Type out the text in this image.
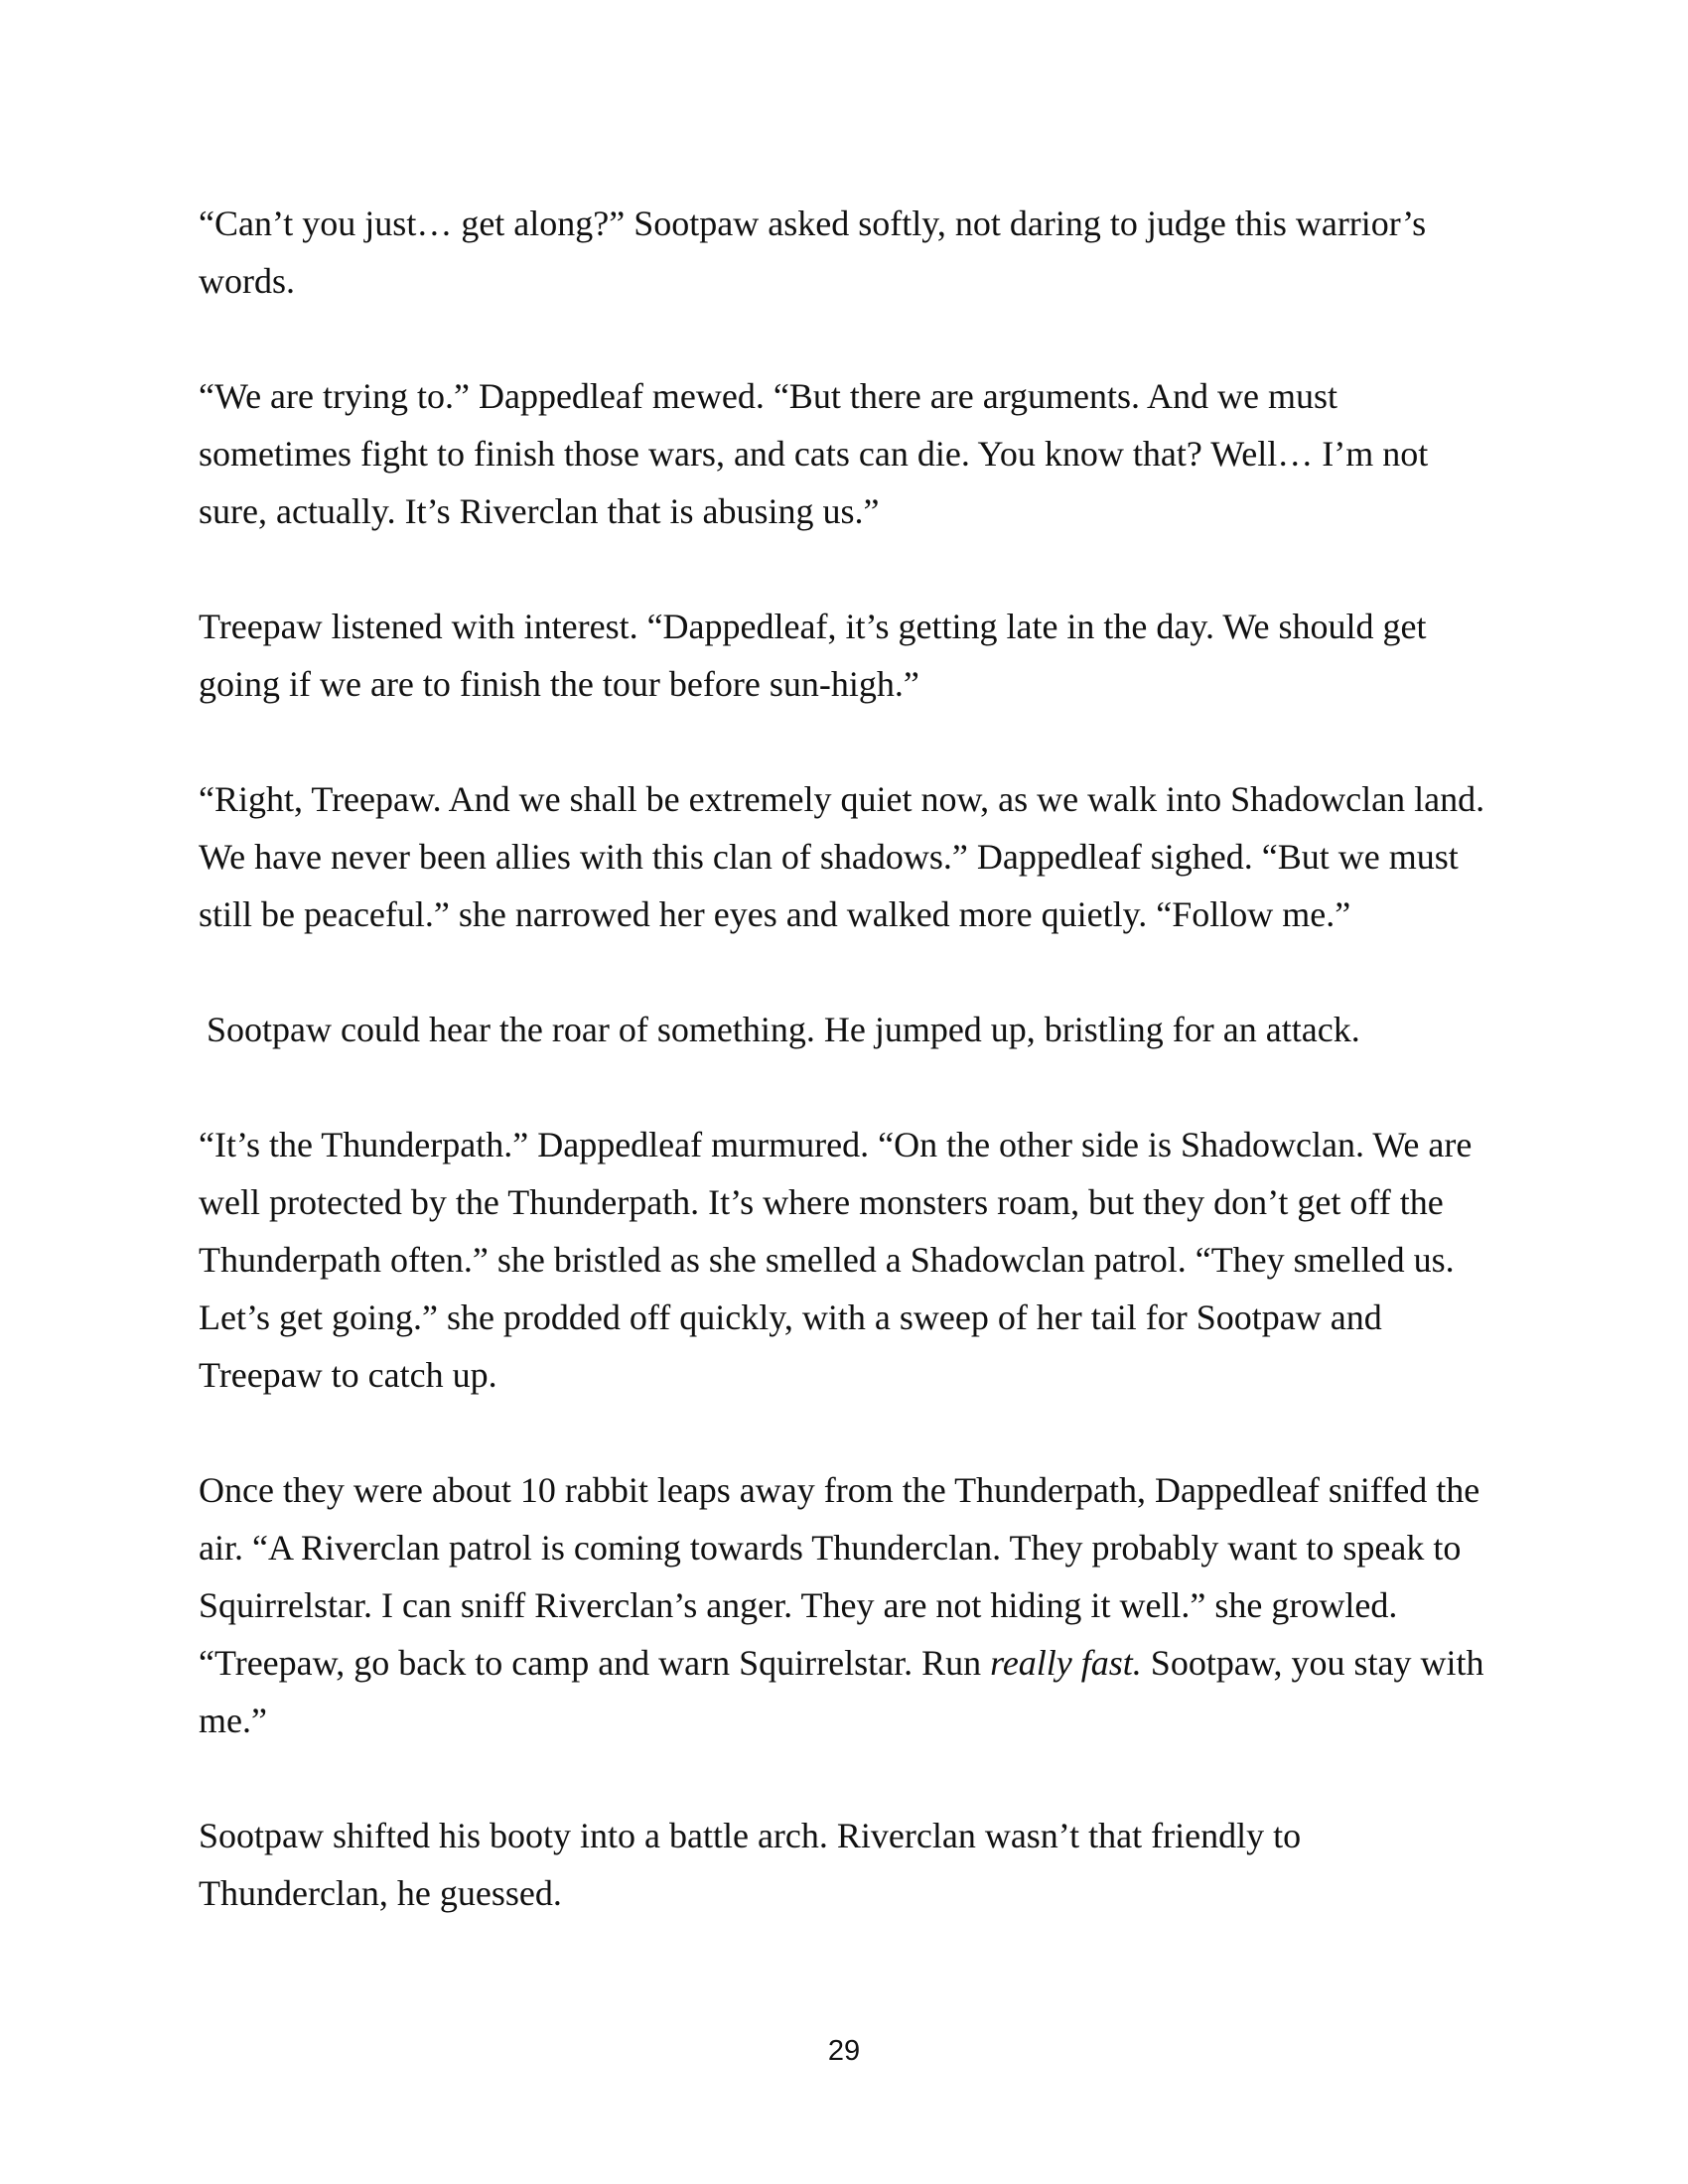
“Can’t you just… get along?” Sootpaw asked softly, not daring to judge this warrior’s words.

“We are trying to.” Dappedleaf mewed. “But there are arguments. And we must sometimes fight to finish those wars, and cats can die. You know that? Well… I’m not sure, actually. It’s Riverclan that is abusing us.”

Treepaw listened with interest. “Dappedleaf, it’s getting late in the day. We should get going if we are to finish the tour before sun-high.”

“Right, Treepaw. And we shall be extremely quiet now, as we walk into Shadowclan land. We have never been allies with this clan of shadows.” Dappedleaf sighed. “But we must still be peaceful.” she narrowed her eyes and walked more quietly. “Follow me.”

Sootpaw could hear the roar of something. He jumped up, bristling for an attack.

“It’s the Thunderpath.” Dappedleaf murmured. “On the other side is Shadowclan. We are well protected by the Thunderpath. It’s where monsters roam, but they don’t get off the Thunderpath often.” she bristled as she smelled a Shadowclan patrol. “They smelled us. Let’s get going.” she prodded off quickly, with a sweep of her tail for Sootpaw and Treepaw to catch up.

Once they were about 10 rabbit leaps away from the Thunderpath, Dappedleaf sniffed the air. “A Riverclan patrol is coming towards Thunderclan. They probably want to speak to Squirrelstar. I can sniff Riverclan’s anger. They are not hiding it well.” she growled. “Treepaw, go back to camp and warn Squirrelstar. Run really fast. Sootpaw, you stay with me.”

Sootpaw shifted his booty into a battle arch. Riverclan wasn’t that friendly to Thunderclan, he guessed.

29
